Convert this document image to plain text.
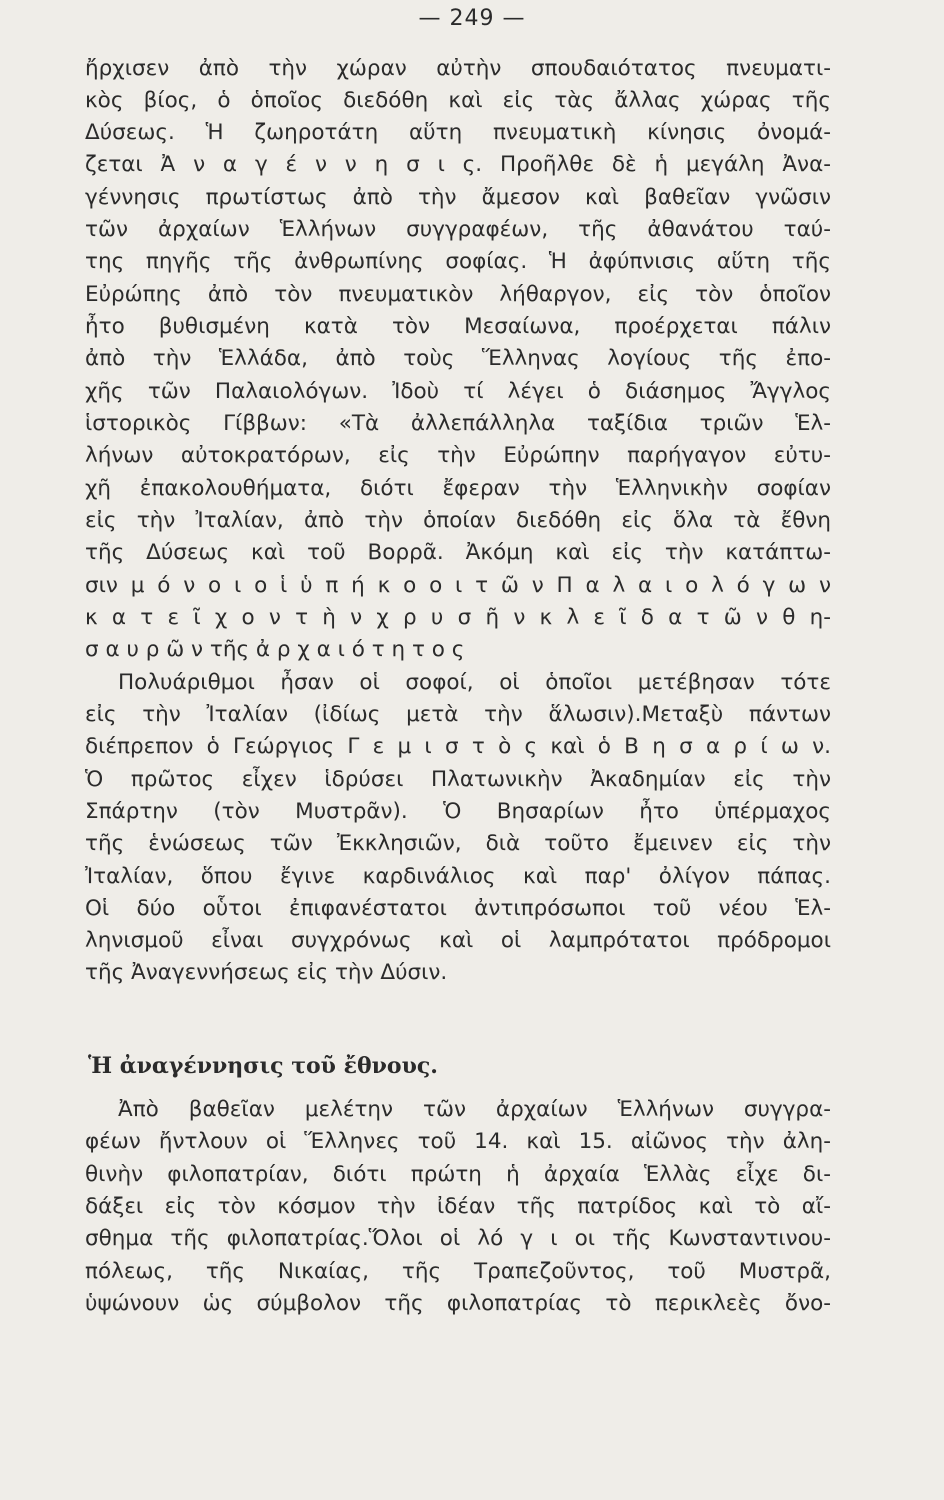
— 249 —
ἤρχισεν ἀπὸ τὴν χώραν αὐτὴν σπουδαιότατος πνευματι-
κὸς βίος, ὁ ὁποῖος διεδόθη καὶ εἰς τὰς ἄλλας χώρας τῆς
Δύσεως. Ἡ ζωηροτάτη αὕτη πνευματικὴ κίνησις ὀνομά-
ζεται Ἀ ν α γ έ ν ν η σ ι ς. Προῆλθε δὲ ἡ μεγάλη Ἀνα-
γέννησις πρωτίστως ἀπὸ τὴν ἄμεσον καὶ βαθεῖαν γνῶσιν
τῶν ἀρχαίων Ἑλλήνων συγγραφέων, τῆς ἀθανάτου ταύ-
της πηγῆς τῆς ἀνθρωπίνης σοφίας. Ἡ ἀφύπνισις αὕτη τῆς
Εὐρώπης ἀπὸ τὸν πνευματικὸν λήθαργον, εἰς τὸν ὁποῖον
ἦτο βυθισμένη κατὰ τὸν Μεσαίωνα, προέρχεται πάλιν
ἀπὸ τὴν Ἑλλάδα, ἀπὸ τοὺς Ἕλληνας λογίους τῆς ἐπο-
χῆς τῶν Παλαιολόγων. Ἰδοὺ τί λέγει ὁ διάσημος Ἄγγλος
ἱστορικὸς Γίββων: «Τὰ ἀλλεπάλληλα ταξίδια τριῶν Ἑλ-
λήνων αὐτοκρατόρων, εἰς τὴν Εὐρώπην παρήγαγον εὐτυ-
χῆ ἐπακολουθήματα, διότι ἔφεραν τὴν Ἑλληνικὴν σοφίαν
εἰς τὴν Ἰταλίαν, ἀπὸ τὴν ὁποίαν διεδόθη εἰς ὅλα τὰ ἔθνη
τῆς Δύσεως καὶ τοῦ Βορρᾶ. Ἀκόμη καὶ εἰς τὴν κατάπτω-
σιν μ ό ν ο ι ο ἱ ὑ π ή κ ο ο ι τ ῶ ν Π α λ α ι ο λ ό γ ω ν
κ α τ ε ῖ χ ο ν τ ὴ ν χ ρ υ σ ῆ ν κ λ ε ῖ δ α τ ῶ ν θ η-
σ α υ ρ ῶ ν τῆς ἀ ρ χ α ι ό τ η τ ο ς
Πολυάριθμοι ἦσαν οἱ σοφοί, οἱ ὁποῖοι μετέβησαν τότε
εἰς τὴν Ἰταλίαν (ἰδίως μετὰ τὴν ἅλωσιν).Μεταξὺ πάντων
διέπρεπον ὁ Γεώργιος Γ ε μ ι σ τ ὸ ς καὶ ὁ Β η σ α ρ ί ω ν.
Ὁ πρῶτος εἶχεν ἱδρύσει Πλατωνικὴν Ἀκαδημίαν εἰς τὴν
Σπάρτην (τὸν Μυστρᾶν). Ὁ Βησαρίων ἦτο ὑπέρμαχος
τῆς ἑνώσεως τῶν Ἐκκλησιῶν, διὰ τοῦτο ἔμεινεν εἰς τὴν
Ἰταλίαν, ὅπου ἔγινε καρδινάλιος καὶ παρ' ὀλίγον πάπας.
Οἱ δύο οὗτοι ἐπιφανέστατοι ἀντιπρόσωποι τοῦ νέου Ἑλ-
ληνισμοῦ εἶναι συγχρόνως καὶ οἱ λαμπρότατοι πρόδρομοι
τῆς Ἀναγεννήσεως εἰς τὴν Δύσιν.
Ἡ ἀναγέννησις τοῦ ἔθνους.
Ἀπὸ βαθεῖαν μελέτην τῶν ἀρχαίων Ἑλλήνων συγγρα-
φέων ἤντλουν οἱ Ἕλληνες τοῦ 14. καὶ 15. αἰῶνος τὴν ἀλη-
θινὴν φιλοπατρίαν, διότι πρώτη ἡ ἀρχαία Ἑλλὰς εἶχε δι-
δάξει εἰς τὸν κόσμον τὴν ἰδέαν τῆς πατρίδος καὶ τὸ αἴ-
σθημα τῆς φιλοπατρίας.Ὅλοι οἱ λό γ ι οι τῆς Κωνσταντινου-
πόλεως, τῆς Νικαίας, τῆς Τραπεζοῦντος, τοῦ Μυστρᾶ,
ὑψώνουν ὡς σύμβολον τῆς φιλοπατρίας τὸ περικλεὲς ὄνο-
